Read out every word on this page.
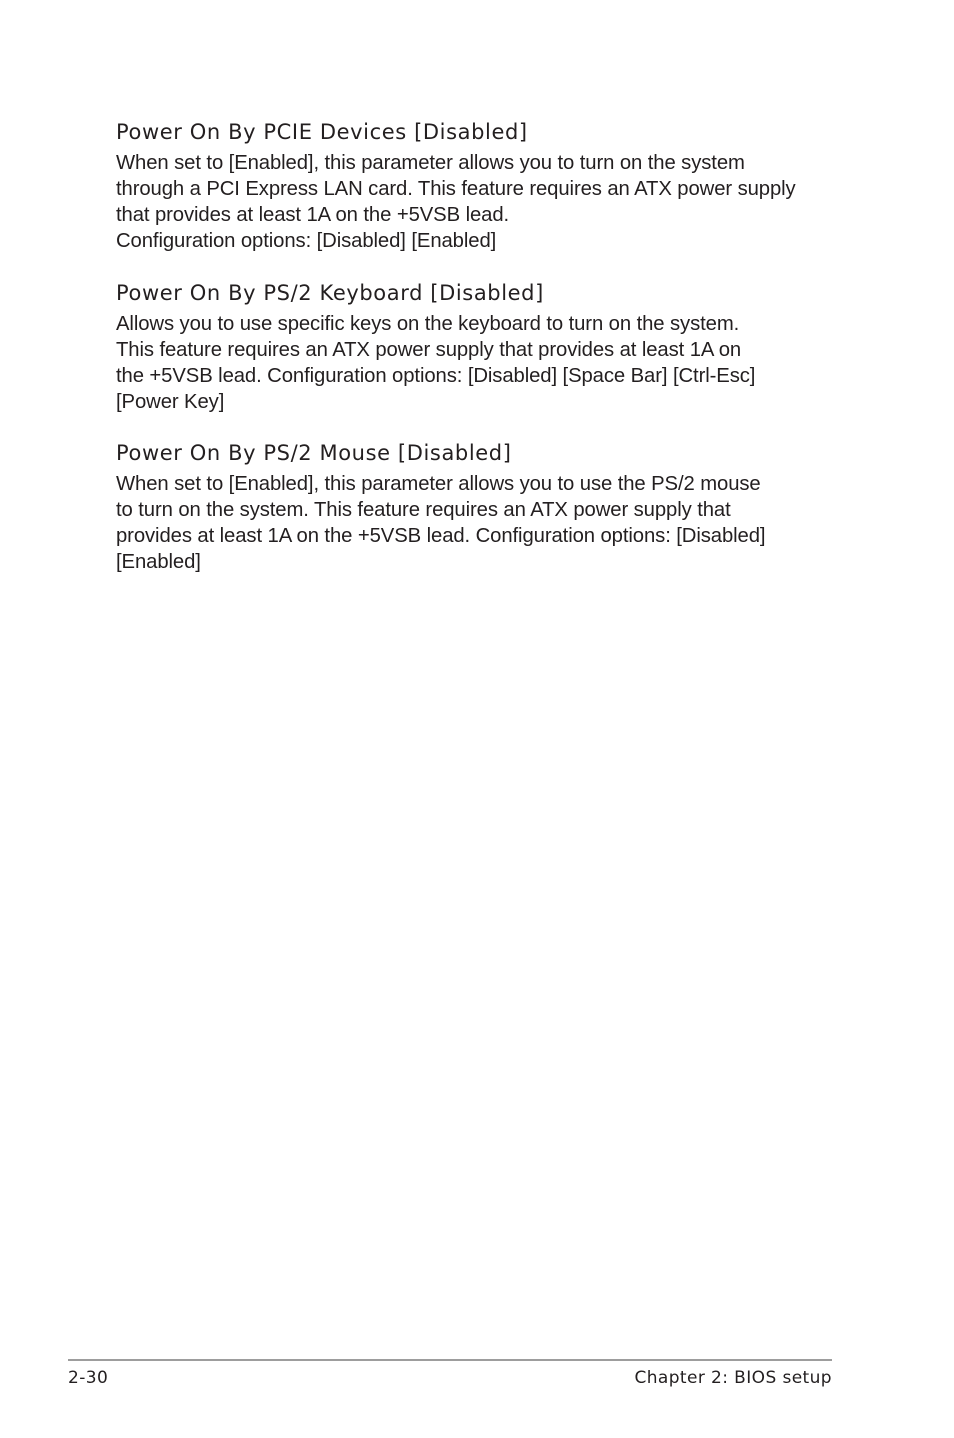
Power On By PCIE Devices [Disabled]

When set to [Enabled], this parameter allows you to turn on the system
through a PCI Express LAN card. This feature requires an ATX power supply
that provides at least 1A on the +5VSB lead.
Configuration options: [Disabled] [Enabled]

Power On By PS/2 Keyboard [Disabled]

Allows you to use specific keys on the keyboard to turn on the system.
This feature requires an ATX power supply that provides at least 1A on
the +5VSB lead. Configuration options: [Disabled] [Space Bar] [Ctrl-Esc]
[Power Key]

Power On By PS/2 Mouse [Disabled]

When set to [Enabled], this parameter allows you to use the PS/2 mouse
to turn on the system. This feature requires an ATX power supply that
provides at least 1A on the +5VSB lead. Configuration options: [Disabled]
[Enabled]

2-30	Chapter 2: BIOS setup
